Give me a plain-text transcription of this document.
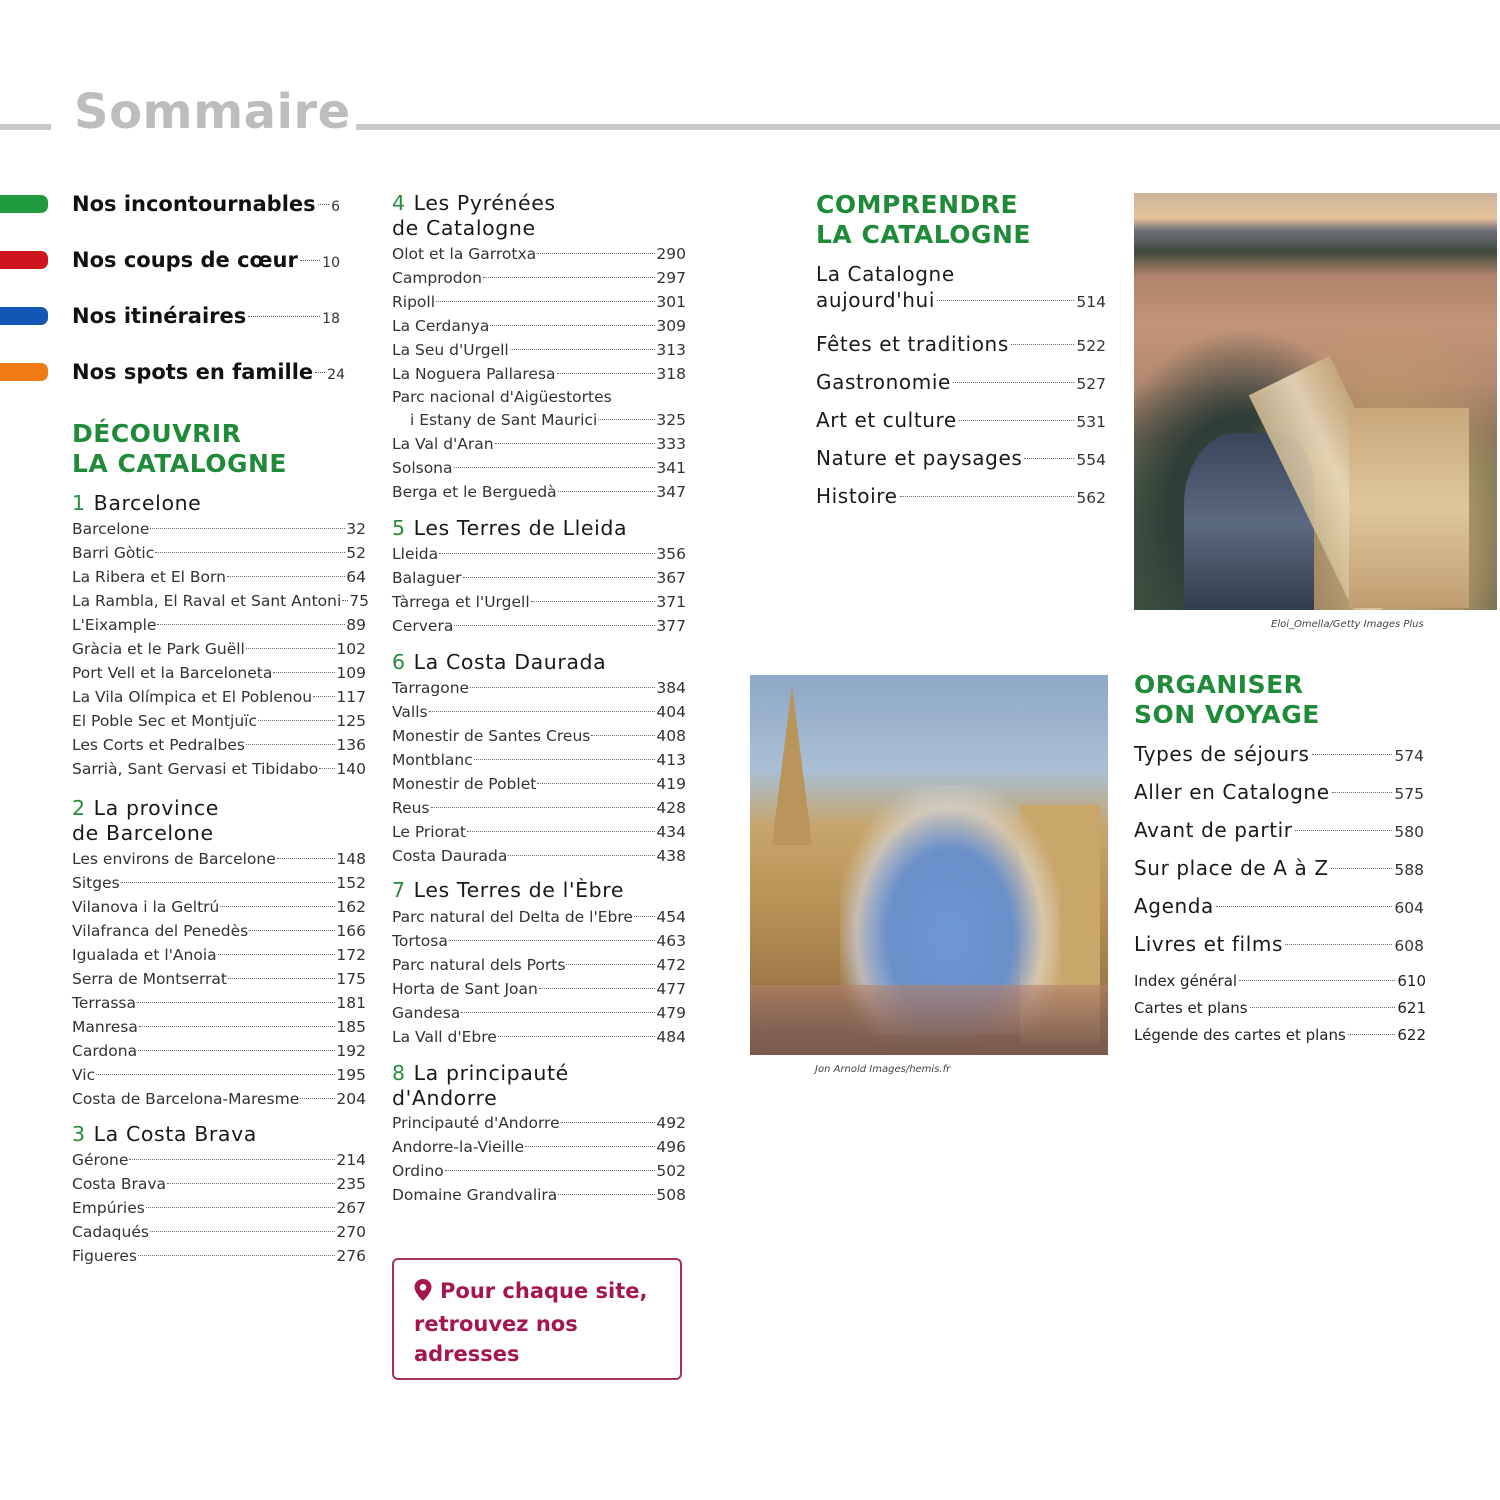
Sommaire
Nos incontournables 6
Nos coups de cœur 10
Nos itinéraires	18
Nos spots en famille 24
DÉCOUVRIR
LA CATALOGNE
1 Barcelone
Barcelone	32
Barri Gòtic	52
La Ribera et El Born	64
La Rambla, El Raval et Sant Antoni 75
L'Eixample	89
Gràcia et le Park Guëll	102
Port Vell et la Barceloneta	109
La Vila Olímpica et El Poblenou 117
El Poble Sec et Montjuïc	125
Les Corts et Pedralbes	136
Sarrià, Sant Gervasi et Tibidabo 140
2 La province
de Barcelone
Les environs de Barcelone	148
Sitges	152
Vilanova i la Geltrú	162
Vilafranca del Penedès	166
Igualada et l'Anoia	172
Serra de Montserrat	175
Terrassa	181
Manresa	185
Cardona	192
Vic	195
Costa de Barcelona-Maresme 204
3 La Costa Brava
Gérone	214
Costa Brava	235
Empúries	267
Cadaqués	270
Figueres	276
4 Les Pyrénées
de Catalogne
Olot et la Garrotxa	290
Camprodon	297
Ripoll	301
La Cerdanya	309
La Seu d'Urgell	313
La Noguera Pallaresa	318
Parc nacional d'Aigüestortes
i Estany de Sant Maurici	325
La Val d'Aran	333
Solsona	341
Berga et le Berguedà	347
5 Les Terres de Lleida
Lleida	356
Balaguer	367
Tàrrega et l'Urgell	371
Cervera	377
6 La Costa Daurada
Tarragone	384
Valls	404
Monestir de Santes Creus	408
Montblanc	413
Monestir de Poblet	419
Reus	428
Le Priorat	434
Costa Daurada	438
7 Les Terres de l'Èbre
Parc natural del Delta de l'Ebre 454
Tortosa	463
Parc natural dels Ports	472
Horta de Sant Joan	477
Gandesa	479
La Vall d'Ebre	484
8 La principauté
d'Andorre
Principauté d'Andorre	492
Andorre-la-Vieille	496
Ordino	502
Domaine Grandvalira	508
Pour chaque site,
retrouvez nos
adresses
COMPRENDRE
LA CATALOGNE
La Catalogne
aujourd'hui	514
Fêtes et traditions	522
Gastronomie	527
Art et culture	531
Nature et paysages	554
Histoire	562
Eloi_Omella/Getty Images Plus
Jon Arnold Images/hemis.fr
ORGANISER
SON VOYAGE
Types de séjours	574
Aller en Catalogne	575
Avant de partir	580
Sur place de A à Z	588
Agenda	604
Livres et films	608
Index général	610
Cartes et plans	621
Légende des cartes et plans	622
